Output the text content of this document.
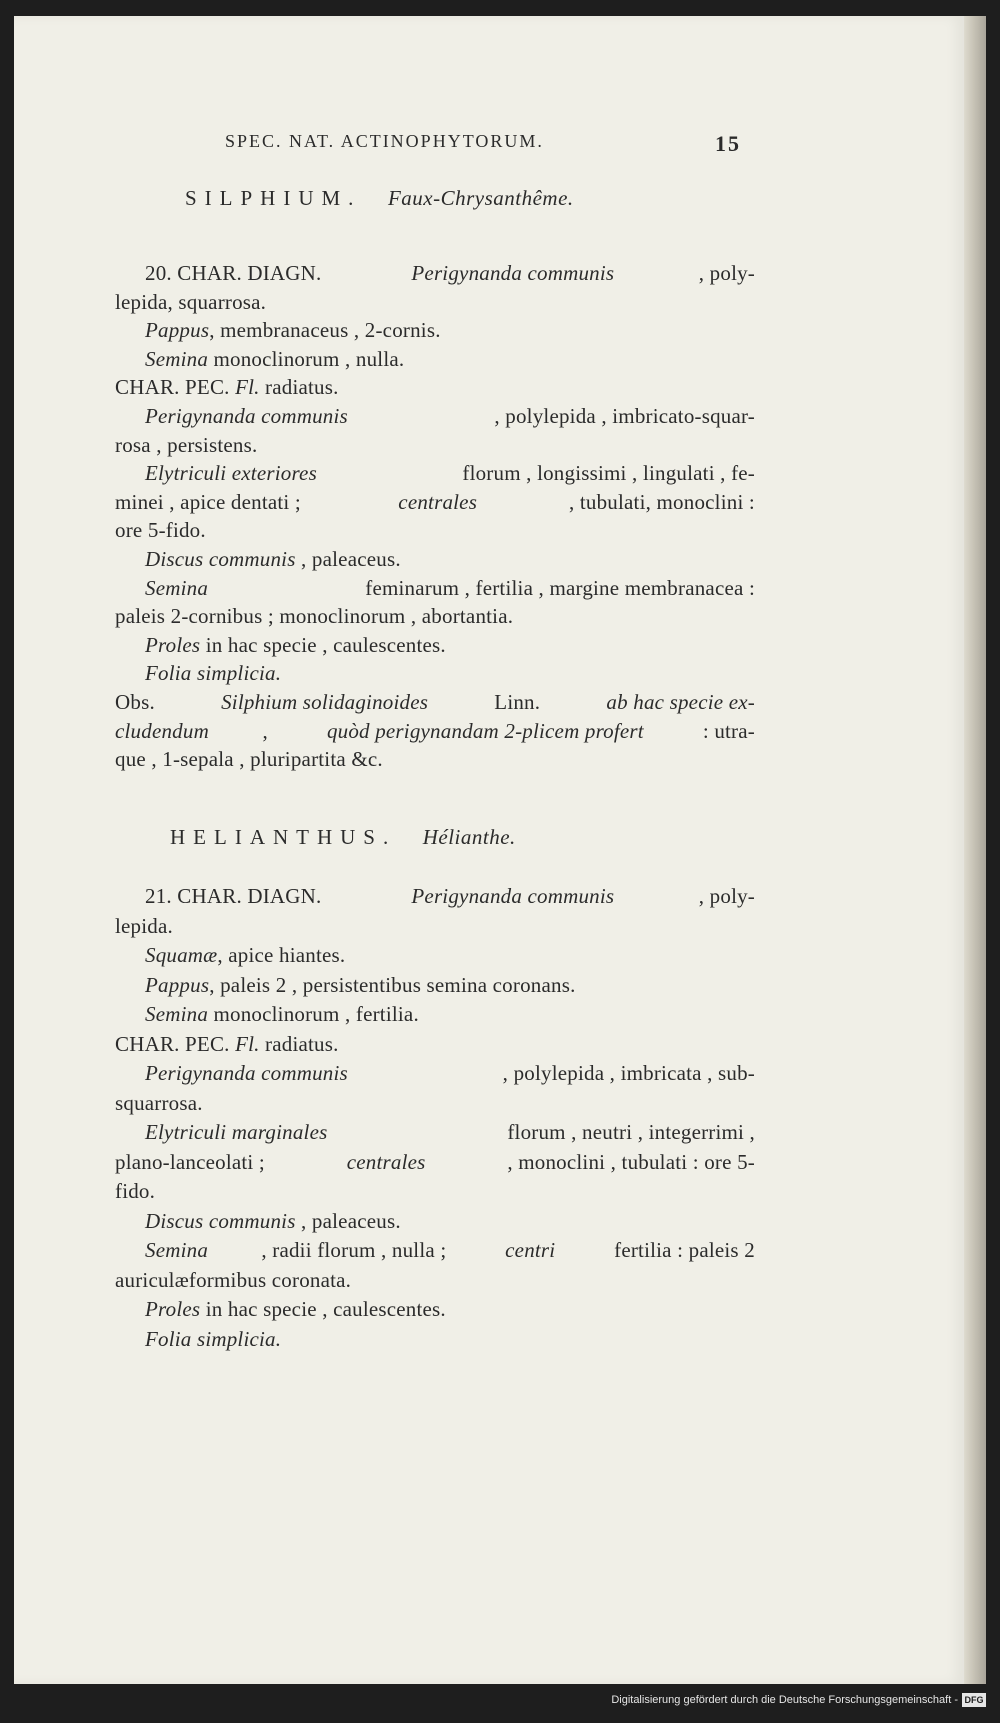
SPEC. NAT. ACTINOPHYTORUM.	15
SILPHIUM. Faux-Chrysanthême.
20. CHAR. DIAGN.	Perigynanda communis	, poly-
lepida, squarrosa.
Pappus, membranaceus , 2-cornis.
Semina monoclinorum , nulla.
CHAR. PEC. Fl. radiatus.
Perigynanda communis	, polylepida , imbricato-squar-
rosa , persistens.
Elytriculi exteriores	florum , longissimi , lingulati , fe-
minei , apice dentati ;	centrales	, tubulati, monoclini :
ore 5-fido.
Discus communis , paleaceus.
Semina	feminarum , fertilia , margine membranacea :
paleis 2-cornibus ; monoclinorum , abortantia.
Proles in hac specie , caulescentes.
Folia simplicia.
Obs.	Silphium solidaginoides	Linn.	ab hac specie ex-
cludendum	,	quòd perigynandam 2-plicem profert	: utra-
que , 1-sepala , pluripartita &c.
HELIANTHUS. Hélianthe.
21. CHAR. DIAGN.	Perigynanda communis	, poly-
lepida.
Squamæ, apice hiantes.
Pappus, paleis 2 , persistentibus semina coronans.
Semina monoclinorum , fertilia.
CHAR. PEC. Fl. radiatus.
Perigynanda communis	, polylepida , imbricata , sub-
squarrosa.
Elytriculi marginales	florum , neutri , integerrimi ,
plano-lanceolati ;	centrales	, monoclini , tubulati : ore 5-
fido.
Discus communis , paleaceus.
Semina	, radii florum , nulla ;	centri	fertilia : paleis 2
auriculæformibus coronata.
Proles in hac specie , caulescentes.
Folia simplicia.
Digitalisierung gefördert durch die Deutsche Forschungsgemeinschaft - DFG
